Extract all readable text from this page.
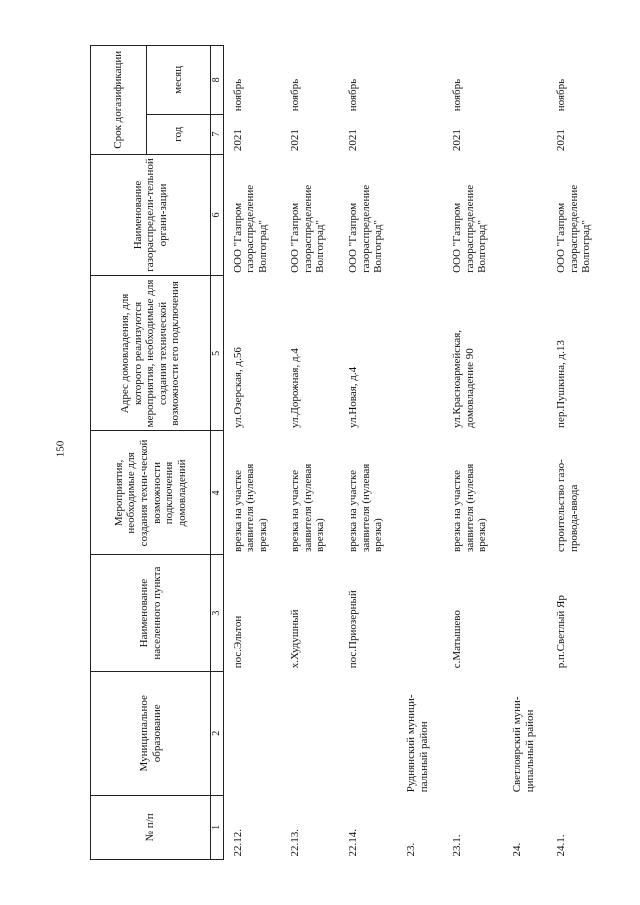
150
№ п/п	Муниципальное образование	Наименование населенного пункта	Мероприятия, необходимые для создания техни-ческой возможности подключения домовладений	Адрес домовладения, для которого реализуются мероприятия, необходимые для создания технической возможности его подключения	Наименование газораспредели-тельной органи-зации	Срок догазификации	
						год	месяц
1	2	3	4	5	6	7	8
22.12.		пос.Эльтон	врезка на участке заявителя (нулевая врезка)	ул.Озерская, д.56	ООО "Газпром газораспределение Волгоград"	2021	ноябрь
22.13.		х.Худушный	врезка на участке заявителя (нулевая врезка)	ул.Дорожная, д.4	ООО "Газпром газораспределение Волгоград"	2021	ноябрь
22.14.		пос.Приозерный	врезка на участке заявителя (нулевая врезка)	ул.Новая, д.4	ООО "Газпром газораспределение Волгоград"	2021	ноябрь
23.	Руднянский муници-пальный район						
23.1.		с.Матышево	врезка на участке заявителя (нулевая врезка)	ул.Красноармейская, домовладение 90	ООО "Газпром газораспределение Волгоград"	2021	ноябрь
24.	Светлоярский муни-ципальный район						
24.1.		р.п.Светлый Яр	строительство газо-провода-ввода	пер.Пушкина, д.13	ООО "Газпром газораспределение Волгоград"	2021	ноябрь
